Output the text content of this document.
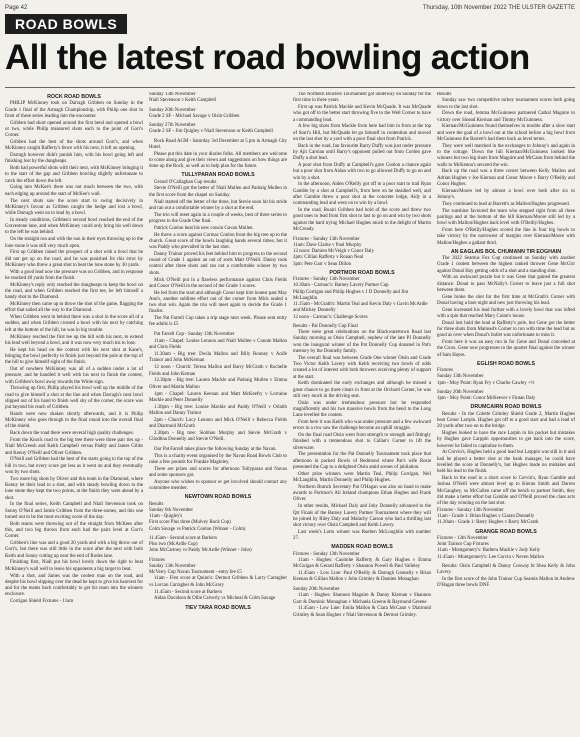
Page 42	Thursday, 10th November 2022 THE ULSTER GAZETTE
ROAD BOWLS
All the latest road bowling action
ROCK ROAD BOWLS

PHILIP McKinney took on Darragh Gribben on Sunday in the Grade 1 final of the Armagh Championship, with Philip one shot in front of these series leading into the encounter.

Gribben had short opened around the first bend and opened a bowl or two, while Philip measured shots each to the point of Gorr's Corner.

Gribben had the best of the shots around Gorr's, and when McKinney caught Rafferty's fence with his next, it left an opening.

Darragh however didn't punish him, with his bowl going left and finishing lost by the dungheaps.

Both had powerful shots with their next, with McKinney bringing it to the start of the gap and Gribben bowling slightly unfortunate to catch the effort down the left.

Going into McKee's there was not much between the two, with each edging up around the start of McKee's wall.

The next shots saw the score start to swing decisively in McKinney's favour as Gribben caught the hedge and lost a bowl, while Darragh went on to lead by a bowl.

In steady conditions, Gribben's second bowl reached the end of the Gravestone lane, and when McKinney could only bring his well down to the left he was behind.

On the straight run and with the sun in their eyes throwing up to the lone stone it was still very much open.

First up Gribben raised the prospect of a shot with a bowl that he did not get up on the road, and he was punished for this error by McKinney who threw a great shot to beat the lone stone by 30 yards.

With a good lead now the pressure was on Gribben, and in response he reached 40 yards from the finish.

McKinney's reply only reached the dungheaps to keep the bowl on the road, and when Gribben reached the first tee, he left himself a handy shot to the Diamond.

McKinney then came up to throw the shot of the game, flagging the effort that sailed all the way to the Diamond.

When Gribben went in behind there was a shot in the score all of a sudden, and when Gribben crossed a bowl with his next by catching left at the bottom of the hill, he was in big trouble.

McKinney reached the first tee up the hill with his next, to extend his lead well beyond a bowl, and it was now very much his to lose.

He kept his head on the contest with his next shot at Kane's, bringing the bowl perfectly to finish just beyond the pole at the top of the hill to give himself sight of the finish.

Out of nowhere McKinney was all of a sudden under a lot of pressure, and he handled it well with his next to finish the contest, with Gribben's bowl away towards the White sign.

Throwing up first, Philip played his bowl well up the middle of the road to give himself a shot at the line and when Darragh's next bowl slipped out of his hand to finish well shy of the corner, the score was put beyond his reach of Gribben.

Hands were now shaken shortly afterwards, and it is Philip McKinney who goes through to the final round into the overall final of the shield.

Back down the road there were several high quality challenges.

From the Knock road to the big tree there were three pair ties up - Niall McCreesh and Keith Campbell versus Paddy and James Gibbs and Kenny O'Neill and Oliver Gribben.

O'Neill and Gribben had the best of the starts going to the top of the hill in two, but every score got less as it went on and they eventually won by two shots.

Two more big shots by Oliver and this team in the Diamond, where Kenny let their lead to a shot, and with steady bowling down to the lone stone they kept the two points, at the finish they were ahead by a shot.

In the final series, Keith Campbell and Niall Stevenson took on Sonny O'Neill and Jamie Gribben from the three-somes, and this one turned out to be the most exciting score of the day.

Both teams were throwing out of the straight from McKees after this, and two big throws from each had the pairs level at Gorr's Corner.

Gribben's line was and a good 20 yards and with a big throw out of Gorr's, but there was still little in the score after the next with both Keith and Sonny cutting up near the end of Rodes lane.

Finishing first, Niall put his bowl lovely down the right to beat McKinney's wall well to leave his opponents a big target to beat.

With a shot, and James was the coolest man on the road, and despite his bowl slipping over the dead he kept to give his heaviest for and for the teams back comfortably to get his team into the winners enclosure.

Corrigan Shield Fixtures - 11am

Sunday 13th November

Niall Stevenson v Keith Campbell

Sunday 20th November

Grade 2 SF - Michael Savage v Oisin Gribben

Sunday 27th November

Grade 2 SF - Jim Quigley v Niall Stevenson or Keith Campbell

Rock Road AGM - Saturday 3rd December at 5 pm in Armagh City Hotel.

Please put this date in your diaries folks. All members are welcome to come along and give their views and suggestions on how things are done up the Rock, as well as to help plan for the future.

TULLYPARAN ROAD BOWLS

Gerard O'Callaghan Cup results

Stevie O'Neill got the better of Niall Mullen and Padraig Mullen in the first score from the chapel on Sunday.

Niall started off the better of the three, but Stevie soon hit his stride and ran out a comfortable winner by a shot at the end.

The trio will meet again in a couple of weeks, best of three series to progress to the Grade One final.

Patrick Conlon beat his new cousin Gavan Mullen.

He threw a score against Cormac Conlon from the big tree up to the church. Great score of the bowls laughing hands several times, but it was Paddy who prevailed in the last shot.

Danny Trainor proved his feet behind him to progress to the second round of Grade 1 against an out of sorts Matt O'Neill. Danny took control after three shots and ran out a comfortable winner by two shots.

Mick O'Neill put in a flawless performance against Chris Fields and Conor O'Neill in the second of the Grade 1 scores.

He led from the start and although Conor kept him honest past May Ann's, another sublime effort out of the corner from Mick sealed a two shot win. Again the trio will meet again to decide the Grade 1 finalist.

The Pat Farrell Cup takes a trip stage next week. Please sent entry fee adults is £5

Pat Farrell Cup - Sunday 13th November

11am - Chapel: Louise Lennon and Niall Mullen v Connie Mallon and Chris Fields

11.30am - Big tree: Dwila Mallon and Billy Rooney v Aoife Trainor and John McKernan

12 noon - Church: Teresa Mallon and Barry McGrath v Rochelle Fields and John Kernan

12.30pm - Big tree: Lauren Mackle and Padraig Mullen v Emma Oliver and Martin Mallon

1pm - Chapel: Lauren Keenan and Matt McKeefry v Lorraine Mackle and Peter Donnelly

1.30pm - Big tree: Louise Mackle and Paddy O'Neill v Orlaith Mallon and Danny Trainor

2pm - Church: Lucy Lennon and Mick O'Neill v Rebecca Fields and Diarmuid McGrath

2.30pm - Big tree: Siobhan Murphy and Stevie McGrath v Cliodhna Donnelly and Stevie O'Neill.

Our Pat Farrell takes place the following Sunday at the Navan.

This is a charity event organised by the Navan Road Bowls Club to raise a few pounds for Frankie Maginley.

There are prizes and scores for afternoon Tullyparan and Navan and some sponsors got.

Anyone who wishes to sponsor or get involved should contact any committee member.

NEWTOWN ROAD BOWLS

Results

Sunday 6th November

11am - Quigley's

First score Plus three (Mulvey Rock Cup)

Colm Savage vs Patrick Conlon (Winner - Colm)

11.45am - Second score at Barkers

Plus two (McArdle Cup)

John McCartney vs Paddy McArdle (Winner - John)

Fixtures

Sunday 13th November

McVerry Cup Navan Tournament - entry fee £5

11am - First score at Quinn's: Dermot Gribben & Larry Carragher vs Lorcan Carragher & John McGrory

11.45am - Second score at Barkers

Aidan Davidson & Ollie Calverly vs Micheal & Colm Savage

TIEV TARA ROAD BOWLS

The Northern Bowlers Tournament got underway on Sunday for the first time in three years.

First up was Patrick Mackle and Kevin McQuade. It was McQuade who got off to the better start throwing five to the Well Corner to have a commanding lead.

A few big shots from Mackle from here had him in front at the top of Starr's Hill, but McQuade let go himself in contention and moved on the last shot by a yard with a poor final shot from Patrick.

Back in the road, fan favourite Barry Duffy was just under pressure by Ajit Carolan until Barry's opponent pulled out from Corden gave Duffy a shot lead.

A poor shot from Duffy at Campbell's gave Conlon a chance again but a poor shot from Aidan with two to go allowed Duffy to go on and win by a shot.

In the afternoon, Aiden O'Reilly got off to a poor start to trail Ryan Gamble by a shot at Campbell's, from here on he steadied well, and after Gamble threw a poor shot at the concrete lodge, Aidy in a commanding lead and went on to win by a bowl.

In the road, Ruairi Gribben had hold of the score and threw two good ones to lead from first shot to last to go on and win by two shots against the hard trying Michael Hughes much to the delight of Martin McCready.

Fixtures - Sunday 13th November

11am: Dave Clarke v Paul Murphy

12 noon: Damien McVeigh v Conor Daly

2pm: Cillian Rafferty v Ronan Neal

3pm: Pete Garr v Sean Dillon

PORTMOR ROAD BOWLS

Fixtures - Sunday 13th November

10.30am - Carmac's: Barney Lavery Partner Cup

Philip Corrigan and Philip Hughes v J D Donnelly and Jim McLaughlin

11.15am - McGrath's: Martin Teal and Kevin Daly v Gavin McArdle and Mickey Donnelly

12 noon - Carmac's: Challenge Scores

Results - Pat Donnelly Cup Final

There were great celebrations on the Blackwatertown Road last Sunday morning as Oisin Campbell, nephew of the late PJ Donnelly won the inaugural winner of the Pat Donnelly Cup donated in Pat's memory by the Donnelly family.

The overall final was between Grade One winner Oisin and Grade Two Victor Keith Lavery with Keith receiving two bowls of odds created a lot of interest with both throwers receiving plenty of support at the start.

Keith dominated the early exchanges and although he missed a great chance to go three clears in front at the Orchard Corner, he was still very much in the driving seat.

Oisin was under tremendous pressure but he responded magnificently and his two massive bowls from the bend to the Long Lane levelled the contest.

From here it was Keith who was under pressure and a few awkward errors in a row saw the challenge become an uphill struggle.

On the final road Oisin went from strength to strength and fittingly finished with a tremendous shot to Callan's Corner to lift the silverware.

The presentation for the Pat Donnelly Tournament took place that afternoon in packed Bowls of Redmond where Pat's wife Rosie presented the Cup to a delighted Oisin amid scenes of jubilation.

Other prize winners were Martin Teal, Philip Corrigan, Neil McLaughlin, Martin Donnelly and Philip Hughes.

Northern Branch Secretary Pat O'Hagan was also on hand to make awards to Portmor's All Ireland champions Ethan Hughes and Frank Oliver.

In other results, Michael Daly and Joby Donnelly advanced to the Qtr Finals of the Barney Lavery Partner Tournament where they will be joined by Riley Daly and Malachy Carson who had a thrilling last shot victory over Oisin Campbell and Keith Lavery.

Last week's Lotto winner was Rueben McLoughlin with number 27.

MADDEN ROAD BOWLS

Fixtures - Sunday 13th November

11am - Hughes: Caoimhe Rafferty & Gary Hughes v Emma McGuigan & Gerard Rafferty v Shannon Powell & Paul Valleley

11.45am - Low Line: Paul O'Reilly & Darragh Gennelly v Brian Keenan & Gillian Mallon v John Grimley & Damien Monaghan

Sunday 20th November

11am - Hughes: Shannon Maguire & Danny Kiernan v Shannon Garr & Dominic Monaghan v Michaela Greene & Raymond Greene

11.45am - Low Line: Emila Mallon & Ciara McCann v Diarmuid Grimley & Sean Hughes v Niall Stevenson & Dermot Grimley.

Results

Sunday saw two competitive turkey tournament scores both going down to the last shot.

Down the road, Jemma McGuinness partnered Cathal Maguire to victory over Sinead Kiernan and Timmy McGuinness.

Kiernan/McGuinness found themselves in trouble after a slow start and were the goal of a bowl out at the school before a big bowl from McGuinness the Barrett's had them back as level terms.

They were well matched in the exchanges to Johnny's and again in to the cottage. Down the hill Kiernan/McGuinness looked like winners but two big shots from Maguire and McCann from behind the walls to McKenna's secured the win.

Back up the road was a three corner between Kelly Mallon and Adrian Hughes v Joe Kiernan and Conor Moore v Barry O'Reilly and Conor Hughes.

Kiernan/Moore led by almost a bowl over both after six to Johnny's.

They continued to lead at Barrett's as Mallon/Hughes progressed.

The sunshine favoured the team who stepped right from all three pairings and at the bottom of the hill Kiernan/Moore still led by a bowl with Mallon/Hughes back level with O'Reilly/Hughes.

From here O'Reilly/Hughes scored the line in four big bowls to take victory by the narrowest of margins over Kiernan/Moore with Mallon/Hughes a gallant third.

AN EAGLAIS BOL CHUMANN TIR EOGHAIN

The 2022 Seamus Fox Cup continued on Sunday with another Grade 1 contest between the highest ranked thrower Gene McGirr against Donal Hay getting odds of a shot and a standing shot.

With an awkward puzzle but it was Gene that gained the greatest distance. Donal to pass McNally's Corner to leave just a full shot between them.

Gene broke the shot for the first time at McGrath's Corner with Donal having a bare night and new just throwing his lead.

Gene increased his lead further with a lovely bowl that was lofted with a spin that reached Mary Cuinn's house.

Donal lost hold the lead at Rafferty's pole, but Gene got the better for three shots from Mairead's Corner to run with time the lead but as good as over when Donal's bullet was unfortunate to miss it.

From here it was an easy run in for Gene and Donal conceded at the Cross. Gene now progresses to the quarter final against the winner of Sam Hayes.

EGLISH ROAD BOWLS

Fixtures

Sunday 13th November

1pm - Moy Point: Ryan Fry v Charlie Cawley +½

Sunday 20th November

1pm - Moy Point: Conor McKeever v Fintan Daly

DRUMCAIRN ROAD BOWLS

Results - In the Colette Grimley Shield Grade 2, Martin Hughes beat Conor Larrpin. Hughes got off to a good start and had a lead of 20 yards after two on to the bridge.

Hughes looked to have the race Larpin in his pocket but mistakes by Hughes gave Larppin opportunities to get back into the score, however he failed to capitalise in them.

At Corvin's, Hughes held a good lead but Larppin was still in it and had he played a better shot at the bank manager, he could have levelled the score at Donnelly's, but Hughes made no mistakes and held his lead to the finish.

Back in the road in a short score to Corvin's, Ryan Gamble and Joshua O'Neill were almost level up to Kieran Smith and Darren McGaughey, so McCullen came off the bench to partner Smith, they did make a better effort but Gamble and O'Neill proved the class acts of the day winning on the last shot.

Fixtures - Sunday 13th November

11am - Grade 1: Brian Hughes v Ciaran Donnelly

11.30am - Grade 1: Barry Hughes v Barry McGrath

GRANGE ROAD BOWLS

Fixtures - 13th November

Joint Trainor Cup Fixtures

11am - Montgomery's: Barbera Mackle v Jody Kelly

11.45am - Montgomery's: Lee Corvin v Neven Mallon

Results: Oisin Campbell & Danny Conway bt Shea Kelly & John Lavery.

In the first score of the John Trainor Cup Seamie Mallon bt Andrew O'Hagan three bowls DNF.
